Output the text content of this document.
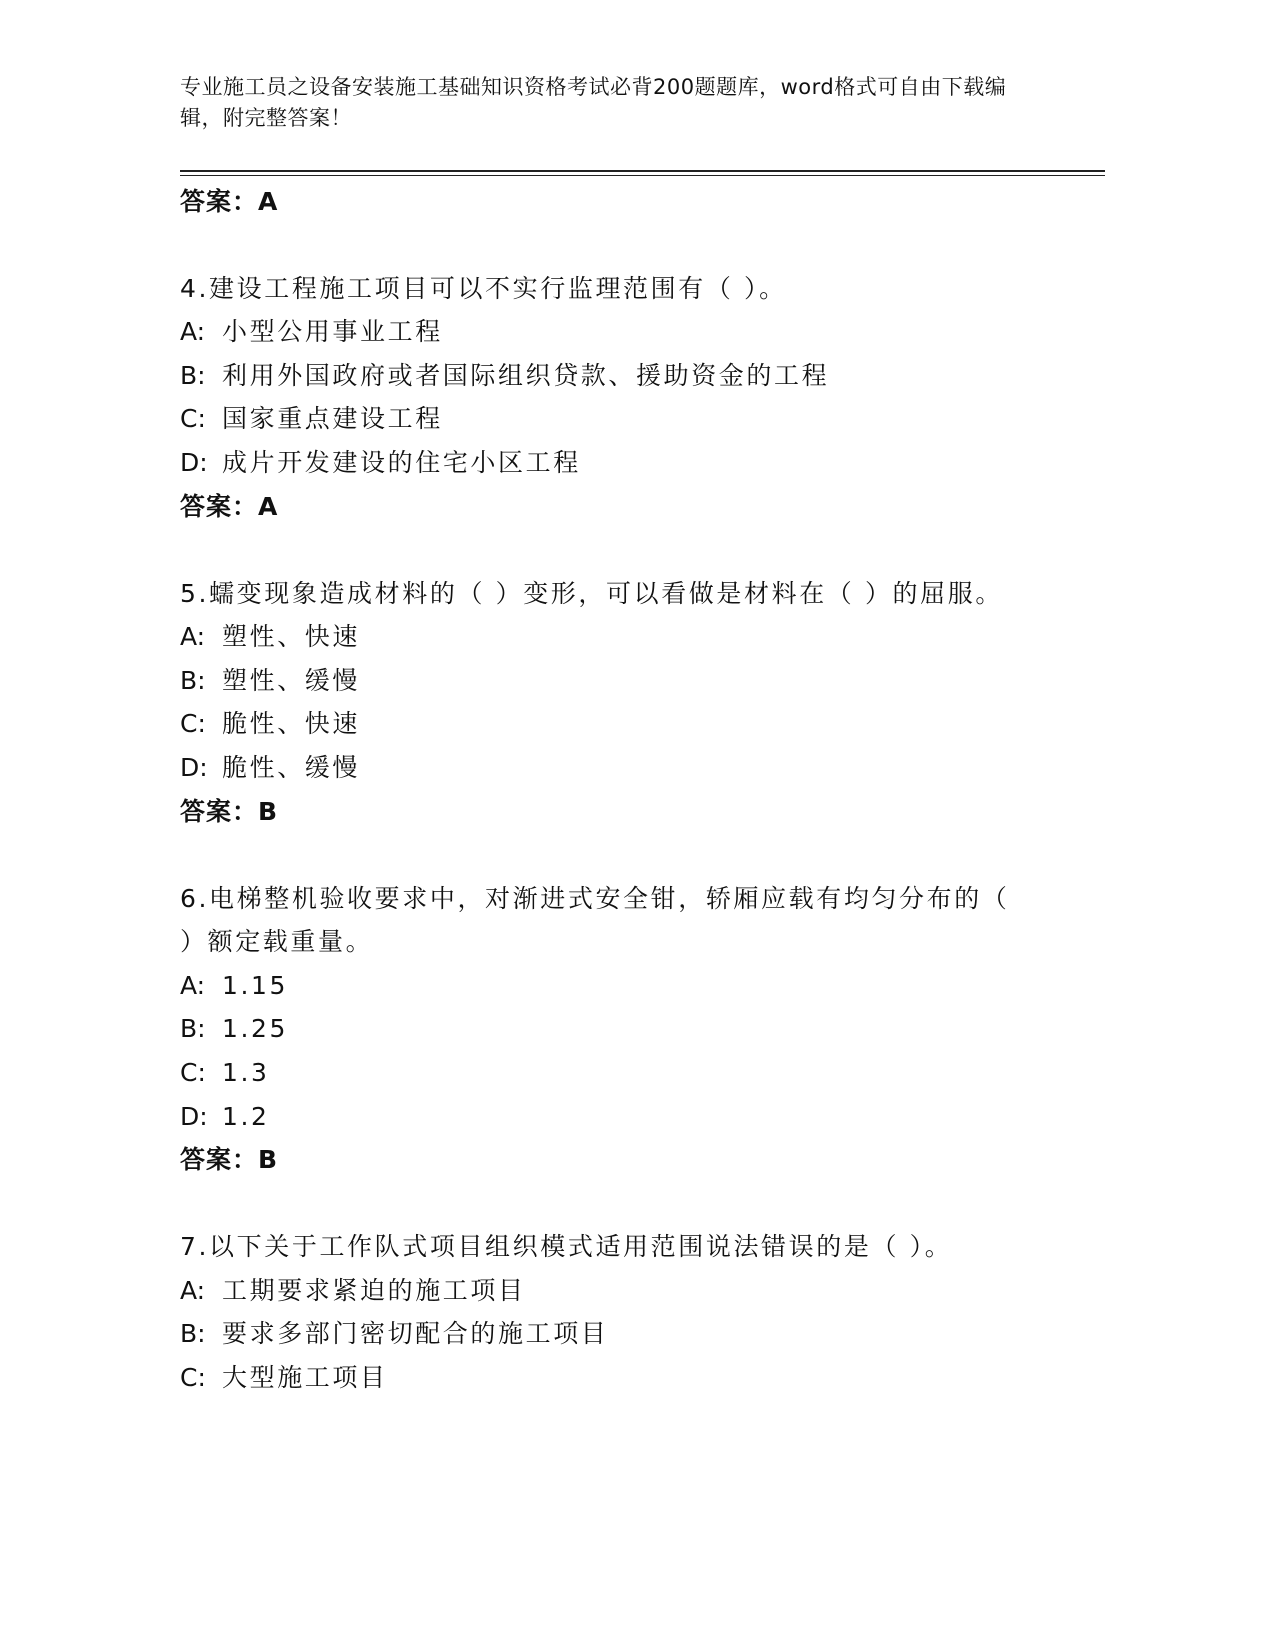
专业施工员之设备安装施工基础知识资格考试必背200题题库，word格式可自由下载编辑，附完整答案！
答案：A
4.建设工程施工项目可以不实行监理范围有（ ）。
A: 小型公用事业工程
B: 利用外国政府或者国际组织贷款、援助资金的工程
C: 国家重点建设工程
D: 成片开发建设的住宅小区工程
答案：A
5.蠕变现象造成材料的（ ）变形，可以看做是材料在（ ）的屈服。
A: 塑性、快速
B: 塑性、缓慢
C: 脆性、快速
D: 脆性、缓慢
答案：B
6.电梯整机验收要求中，对渐进式安全钳，轿厢应载有均匀分布的（
）额定载重量。
A: 1.15
B: 1.25
C: 1.3
D: 1.2
答案：B
7.以下关于工作队式项目组织模式适用范围说法错误的是（ ）。
A: 工期要求紧迫的施工项目
B: 要求多部门密切配合的施工项目
C: 大型施工项目
